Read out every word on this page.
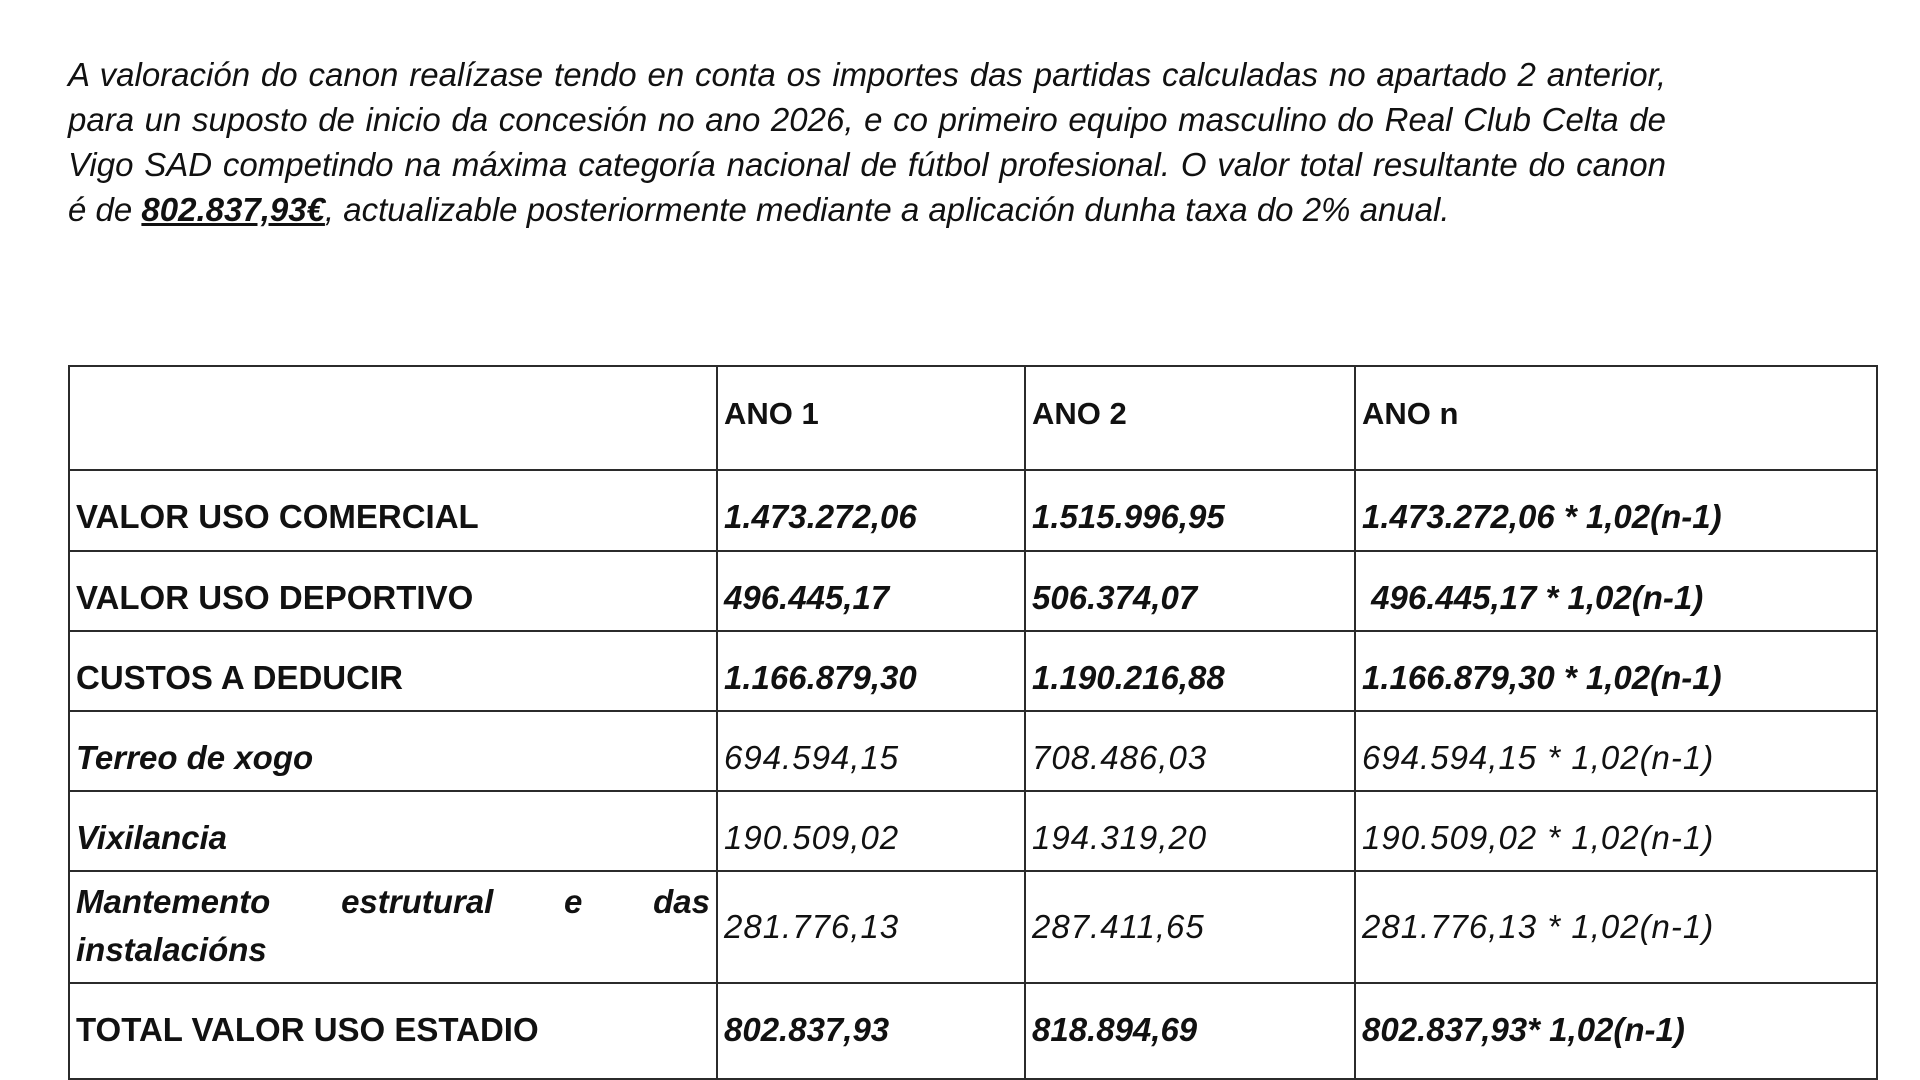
A valoración do canon realízase tendo en conta os importes das partidas calculadas no apartado 2 anterior, para un suposto de inicio da concesión no ano 2026, e co primeiro equipo masculino do Real Club Celta de Vigo SAD competindo na máxima categoría nacional de fútbol profesional. O valor total resultante do canon é de 802.837,93€, actualizable posteriormente mediante a aplicación dunha taxa do 2% anual.

	ANO 1	ANO 2	ANO n
VALOR USO COMERCIAL	1.473.272,06	1.515.996,95	1.473.272,06 * 1,02(n-1)
VALOR USO DEPORTIVO	496.445,17	506.374,07	496.445,17 * 1,02(n-1)
CUSTOS A DEDUCIR	1.166.879,30	1.190.216,88	1.166.879,30 * 1,02(n-1)
Terreo de xogo	694.594,15	708.486,03	694.594,15 * 1,02(n-1)
Vixilancia	190.509,02	194.319,20	190.509,02 * 1,02(n-1)
Mantemento estrutural e das instalacións	281.776,13	287.411,65	281.776,13 * 1,02(n-1)
TOTAL VALOR USO ESTADIO	802.837,93	818.894,69	802.837,93* 1,02(n-1)
